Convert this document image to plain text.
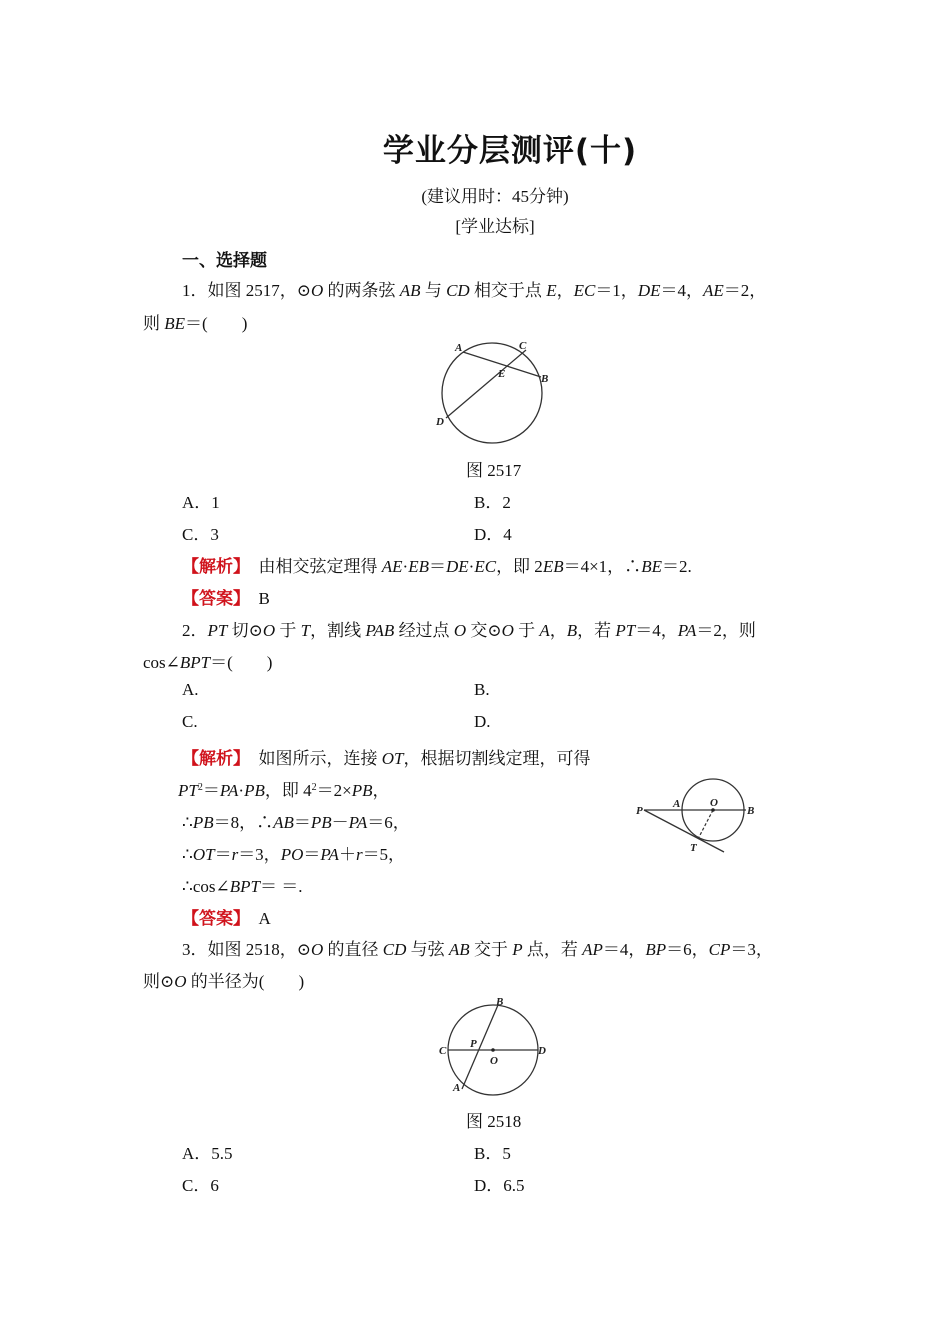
学业分层测评(十)
(建议用时：45分钟)
[学业达标]
一、选择题
1．如图 2517，⊙O 的两条弦 AB 与 CD 相交于点 E，EC＝1，DE＝4，AE＝2，
则 BE＝(　　)
A	C
E	B
D
图 2517
A．1	B．2
C．3	D．4
【解析】　由相交弦定理得 AE·EB＝DE·EC，即 2EB＝4×1，∴BE＝2.
【答案】　 B
2．PT 切⊙O 于 T，割线 PAB 经过点 O 交⊙O 于 A，B，若 PT＝4，PA＝2，则
cos∠BPT＝(　　)
A.	B.
C.	D.
【解析】　如图所示，连接 OT，根据切割线定理，可得
$PT^2=PA\cdot PB$，即 $4^2=2\times PB$，
∴PB＝8，∴AB＝PB－PA＝6，
∴OT＝r＝3，PO＝PA＋r＝5，
∴cos∠BPT＝ ＝.
P
A	O
B
T
【答案】　 A
3．如图 2518，⊙O 的直径 CD 与弦 AB 交于 P 点，若 AP＝4，BP＝6，CP＝3，
则⊙O 的半径为(　　)
B
C
P
O
D
A
图 2518
A．5.5	B．5
C．6	D．6.5
